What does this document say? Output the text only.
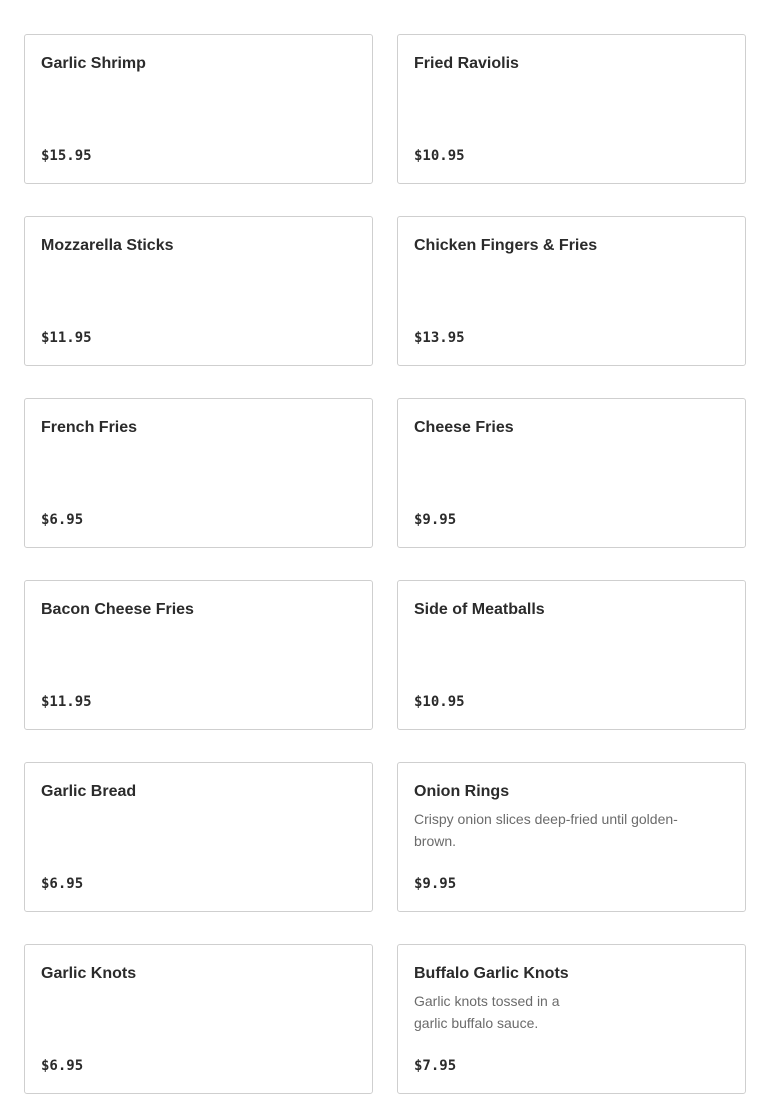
Garlic Shrimp
$15.95
Fried Raviolis
$10.95
Mozzarella Sticks
$11.95
Chicken Fingers & Fries
$13.95
French Fries
$6.95
Cheese Fries
$9.95
Bacon Cheese Fries
$11.95
Side of Meatballs
$10.95
Garlic Bread
$6.95
Onion Rings
Crispy onion slices deep-fried until golden-brown.
$9.95
Garlic Knots
$6.95
Buffalo Garlic Knots
Garlic knots tossed in a garlic buffalo sauce.
$7.95
